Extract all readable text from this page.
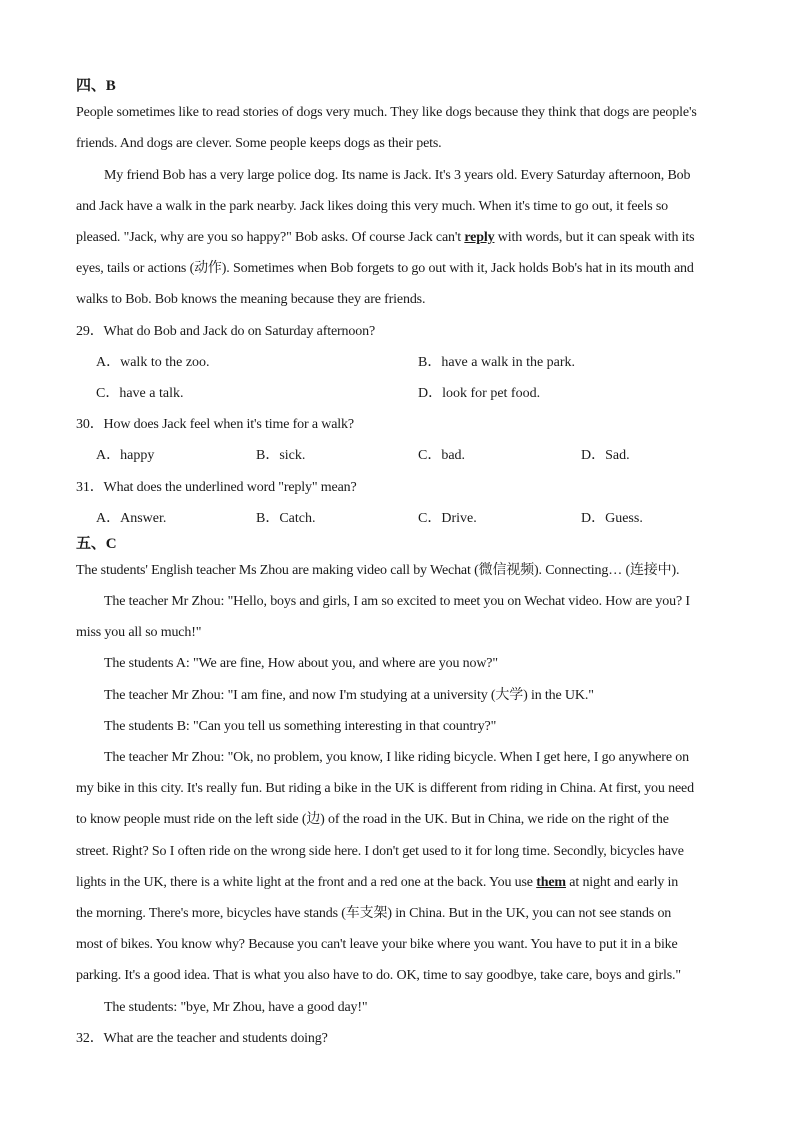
四、B
People sometimes like to read stories of dogs very much. They like dogs because they think that dogs are people's
friends. And dogs are clever. Some people keeps dogs as their pets.
My friend Bob has a very large police dog. Its name is Jack. It's 3 years old. Every Saturday afternoon, Bob
and Jack have a walk in the park nearby. Jack likes doing this very much. When it's time to go out, it feels so
pleased. "Jack, why are you so happy?" Bob asks. Of course Jack can't reply with words, but it can speak with its
eyes, tails or actions (动作). Sometimes when Bob forgets to go out with it, Jack holds Bob's hat in its mouth and
walks to Bob. Bob knows the meaning because they are friends.
29．What do Bob and Jack do on Saturday afternoon?
A．walk to the zoo.	B．have a walk in the park.
C．have a talk.	D．look for pet food.
30．How does Jack feel when it's time for a walk?
A．happy	B．sick.	C．bad.	D．Sad.
31．What does the underlined word "reply" mean?
A．Answer.	B．Catch.	C．Drive.	D．Guess.
五、C
The students' English teacher Ms Zhou are making video call by Wechat (微信视频). Connecting… (连接中).
The teacher Mr Zhou: "Hello, boys and girls, I am so excited to meet you on Wechat video. How are you? I
miss you all so much!"
The students A: "We are fine, How about you, and where are you now?"
The teacher Mr Zhou: "I am fine, and now I'm studying at a university (大学) in the UK."
The students B: "Can you tell us something interesting in that country?"
The teacher Mr Zhou: "Ok, no problem, you know, I like riding bicycle. When I get here, I go anywhere on
my bike in this city. It's really fun. But riding a bike in the UK is different from riding in China. At first, you need
to know people must ride on the left side (边) of the road in the UK. But in China, we ride on the right of the
street. Right? So I often ride on the wrong side here. I don't get used to it for long time. Secondly, bicycles have
lights in the UK, there is a white light at the front and a red one at the back. You use them at night and early in
the morning. There's more, bicycles have stands (车支架) in China. But in the UK, you can not see stands on
most of bikes. You know why? Because you can't leave your bike where you want. You have to put it in a bike
parking. It's a good idea. That is what you also have to do. OK, time to say goodbye, take care, boys and girls."
The students: "bye, Mr Zhou, have a good day!"
32．What are the teacher and students doing?
